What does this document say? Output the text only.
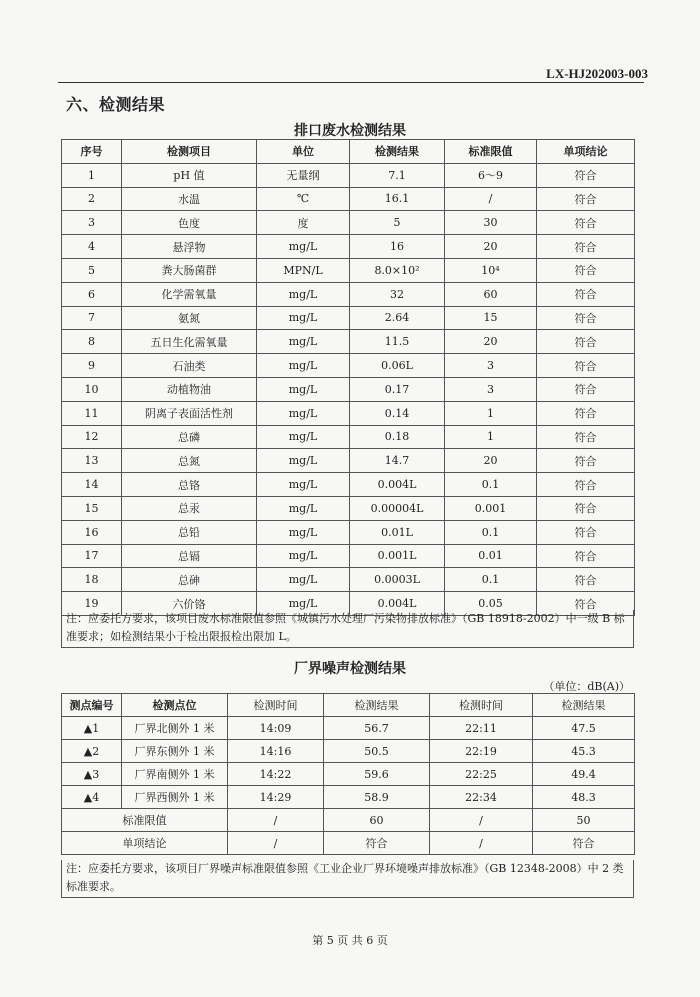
LX-HJ202003-003
六、检测结果
排口废水检测结果
序号	检测项目	单位	检测结果	标准限值	单项结论
1	pH 值	无量纲	7.1	6～9	符合
2	水温	℃	16.1	/	符合
3	色度	度	5	30	符合
4	悬浮物	mg/L	16	20	符合
5	粪大肠菌群	MPN/L	8.0×10²	10⁴	符合
6	化学需氧量	mg/L	32	60	符合
7	氨氮	mg/L	2.64	15	符合
8	五日生化需氧量	mg/L	11.5	20	符合
9	石油类	mg/L	0.06L	3	符合
10	动植物油	mg/L	0.17	3	符合
11	阴离子表面活性剂	mg/L	0.14	1	符合
12	总磷	mg/L	0.18	1	符合
13	总氮	mg/L	14.7	20	符合
14	总铬	mg/L	0.004L	0.1	符合
15	总汞	mg/L	0.00004L	0.001	符合
16	总铅	mg/L	0.01L	0.1	符合
17	总镉	mg/L	0.001L	0.01	符合
18	总砷	mg/L	0.0003L	0.1	符合
19	六价铬	mg/L	0.004L	0.05	符合
注：应委托方要求，该项目废水标准限值参照《城镇污水处理厂污染物排放标准》（GB 18918-2002）中一级 B 标准要求；如检测结果小于检出限报检出限加 L。
厂界噪声检测结果
（单位：dB(A)）
测点编号	检测点位	检测时间	检测结果	检测时间	检测结果
▲1	厂界北侧外 1 米	14:09	56.7	22:11	47.5
▲2	厂界东侧外 1 米	14:16	50.5	22:19	45.3
▲3	厂界南侧外 1 米	14:22	59.6	22:25	49.4
▲4	厂界西侧外 1 米	14:29	58.9	22:34	48.3
标准限值		/	60	/	50
单项结论		/	符合	/	符合
注：应委托方要求，该项目厂界噪声标准限值参照《工业企业厂界环境噪声排放标准》（GB 12348-2008）中 2 类标准要求。
第 5 页 共 6 页
